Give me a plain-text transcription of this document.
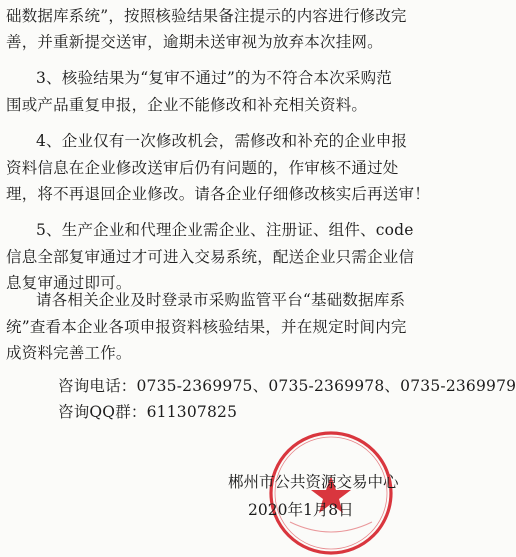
础数据库系统”，按照核验结果备注提示的内容进行修改完
善，并重新提交送审，逾期未送审视为放弃本次挂网。
3、核验结果为“复审不通过”的为不符合本次采购范
围或产品重复申报，企业不能修改和补充相关资料。
4、企业仅有一次修改机会，需修改和补充的企业申报
资料信息在企业修改送审后仍有问题的，作审核不通过处
理，将不再退回企业修改。请各企业仔细修改核实后再送审！
5、生产企业和代理企业需企业、注册证、组件、code
信息全部复审通过才可进入交易系统，配送企业只需企业信
息复审通过即可。
请各相关企业及时登录市采购监管平台“基础数据库系
统”查看本企业各项申报资料核验结果，并在规定时间内完
成资料完善工作。
咨询电话：0735-2369975、0735-2369978、0735-2369979
咨询QQ群：611307825
郴州市公共资源交易中心
2020年1月8日
